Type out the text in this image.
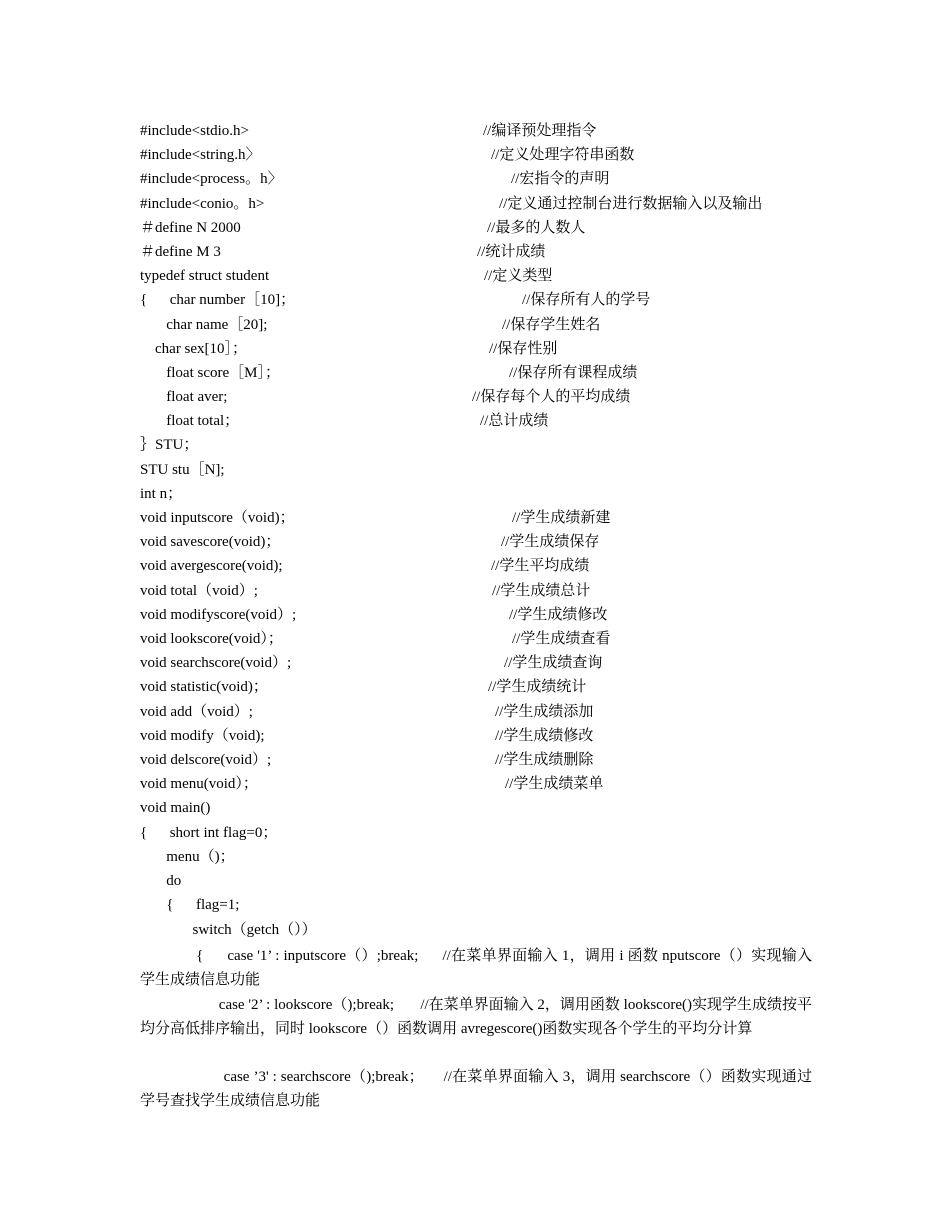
#include<stdio.h>	//编译预处理指令
#include<string.h〉	//定义处理字符串函数
#include<process。h〉	//宏指令的声明
#include<conio。h>	//定义通过控制台进行数据输入以及输出
＃define N 2000	//最多的人数人
＃define M 3	//统计成绩
typedef struct student	//定义类型
{      char number［10]；	//保存所有人的学号
char name［20];	//保存学生姓名
char sex[10］；	//保存性别
float score［M］；	//保存所有课程成绩
float aver;	//保存每个人的平均成绩
float total；	//总计成绩
｝STU；
STU stu［N];
int n；
void inputscore（void)；	//学生成绩新建
void savescore(void)；	//学生成绩保存
void avergescore(void);	//学生平均成绩
void total（void）;	//学生成绩总计
void modifyscore(void）;	//学生成绩修改
void lookscore(void）；	//学生成绩查看
void searchscore(void）;	//学生成绩查询
void statistic(void)；	//学生成绩统计
void add（void）;	//学生成绩添加
void modify（void);	//学生成绩修改
void delscore(void）;	//学生成绩删除
void menu(void）；	//学生成绩菜单
void main()
{      short int flag=0；
menu（)；
do
{      flag=1;
switch（getch（））
{      case '1’ : inputscore（）;break;      //在菜单界面输入 1，调用 i 函数 nputscore（）实现输入学生成绩信息功能
case '2’ : lookscore（);break;       //在菜单界面输入 2，调用函数 lookscore()实现学生成绩按平均分高低排序输出，同时 lookscore（）函数调用 avregescore()函数实现各个学生的平均分计算
case ’3' : searchscore（);break；     //在菜单界面输入 3，调用 searchscore（）函数实现通过学号查找学生成绩信息功能
